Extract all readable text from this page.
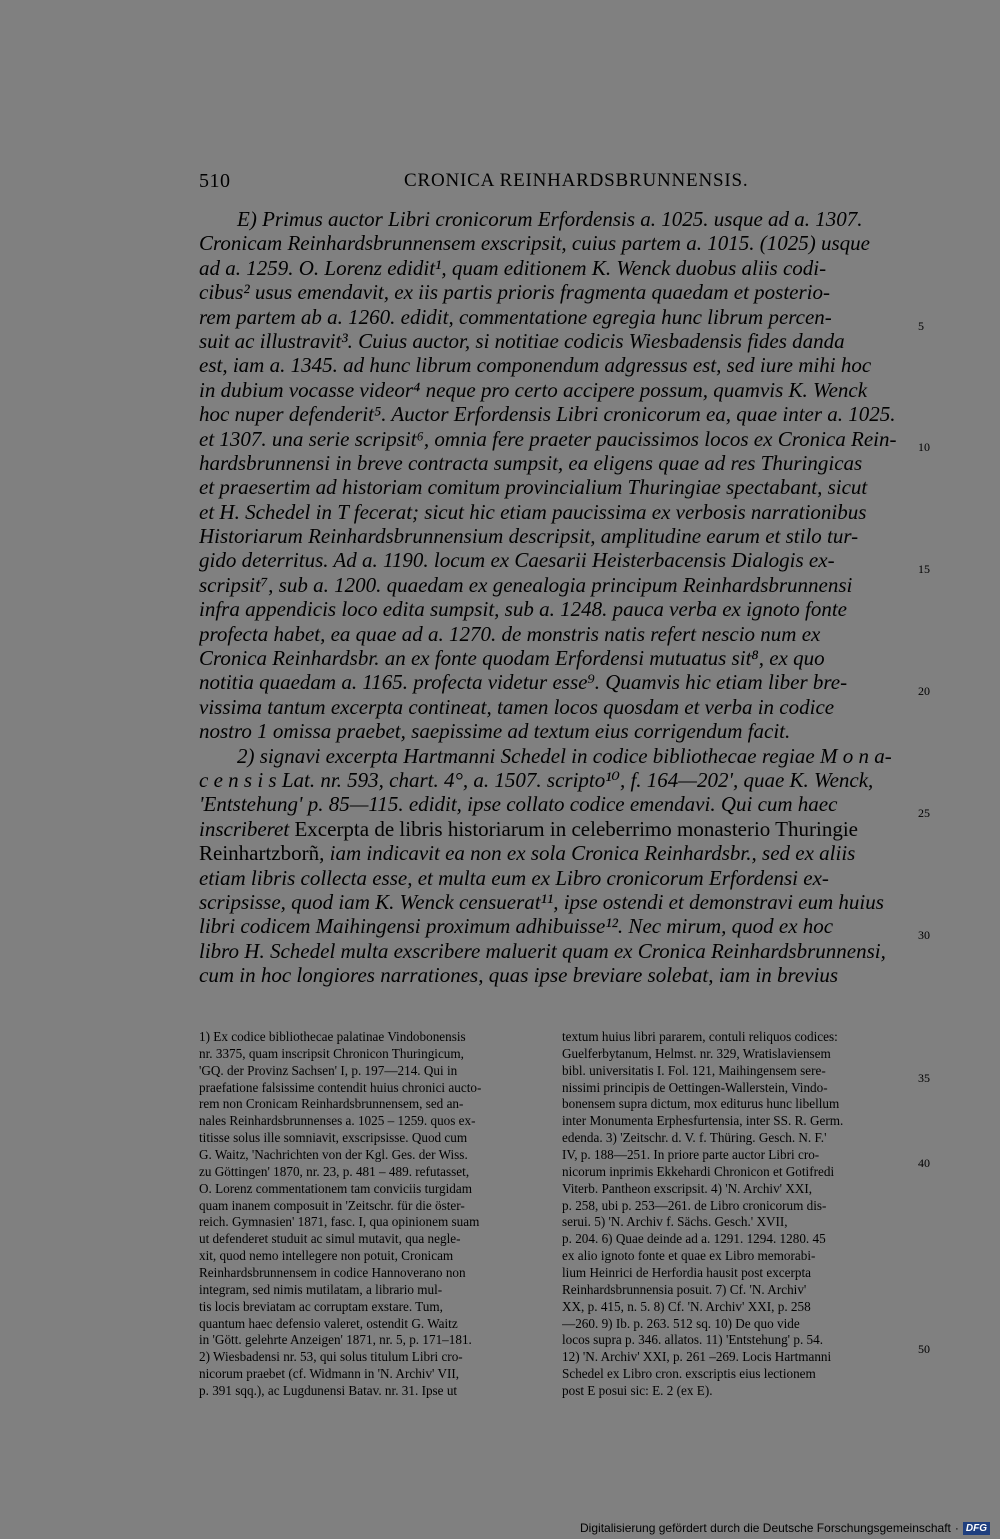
510	CRONICA REINHARDSBRUNNENSIS.
E) Primus auctor Libri cronicorum Erfordensis a. 1025. usque ad a. 1307.
Cronicam Reinhardsbrunnensem exscripsit, cuius partem a. 1015. (1025) usque
ad a. 1259. O. Lorenz edidit¹, quam editionem K. Wenck duobus aliis codi-
cibus² usus emendavit, ex iis partis prioris fragmenta quaedam et posterio-
rem partem ab a. 1260. edidit, commentatione egregia hunc librum percen-
suit ac illustravit³. Cuius auctor, si notitiae codicis Wiesbadensis fides danda
est, iam a. 1345. ad hunc librum componendum adgressus est, sed iure mihi hoc
in dubium vocasse videor⁴ neque pro certo accipere possum, quamvis K. Wenck
hoc nuper defenderit⁵. Auctor Erfordensis Libri cronicorum ea, quae inter a. 1025.
et 1307. una serie scripsit⁶, omnia fere praeter paucissimos locos ex Cronica Rein-
hardsbrunnensi in breve contracta sumpsit, ea eligens quae ad res Thuringicas
et praesertim ad historiam comitum provincialium Thuringiae spectabant, sicut
et H. Schedel in T fecerat; sicut hic etiam paucissima ex verbosis narrationibus
Historiarum Reinhardsbrunnensium descripsit, amplitudine earum et stilo tur-
gido deterritus. Ad a. 1190. locum ex Caesarii Heisterbacensis Dialogis ex-
scripsit⁷, sub a. 1200. quaedam ex genealogia principum Reinhardsbrunnensi
infra appendicis loco edita sumpsit, sub a. 1248. pauca verba ex ignoto fonte
profecta habet, ea quae ad a. 1270. de monstris natis refert nescio num ex
Cronica Reinhardsbr. an ex fonte quodam Erfordensi mutuatus sit⁸, ex quo
notitia quaedam a. 1165. profecta videtur esse⁹. Quamvis hic etiam liber bre-
vissima tantum excerpta contineat, tamen locos quosdam et verba in codice
nostro 1 omissa praebet, saepissime ad textum eius corrigendum facit.
2) signavi excerpta Hartmanni Schedel in codice bibliothecae regiae M o n a-
c e n s i s Lat. nr. 593, chart. 4°, a. 1507. scripto¹⁰, f. 164—202', quae K. Wenck,
'Entstehung' p. 85—115. edidit, ipse collato codice emendavi. Qui cum haec
inscriberet Excerpta de libris historiarum in celeberrimo monasterio Thuringie
Reinhartzborñ, iam indicavit ea non ex sola Cronica Reinhardsbr., sed ex aliis
etiam libris collecta esse, et multa eum ex Libro cronicorum Erfordensi ex-
scripsisse, quod iam K. Wenck censuerat¹¹, ipse ostendi et demonstravi eum huius
libri codicem Maihingensi proximum adhibuisse¹². Nec mirum, quod ex hoc
libro H. Schedel multa exscribere maluerit quam ex Cronica Reinhardsbrunnensi,
cum in hoc longiores narrationes, quas ipse breviare solebat, iam in brevius
5
10
15
20
25
30
1) Ex codice bibliothecae palatinae Vindobonensis
nr. 3375, quam inscripsit Chronicon Thuringicum,
'GQ. der Provinz Sachsen' I, p. 197—214. Qui in
praefatione falsissime contendit huius chronici aucto-
rem non Cronicam Reinhardsbrunnensem, sed an-
nales Reinhardsbrunnenses a. 1025 – 1259. quos ex-
titisse solus ille somniavit, exscripsisse. Quod cum
G. Waitz, 'Nachrichten von der Kgl. Ges. der Wiss.
zu Göttingen' 1870, nr. 23, p. 481 – 489. refutasset,
O. Lorenz commentationem tam conviciis turgidam
quam inanem composuit in 'Zeitschr. für die öster-
reich. Gymnasien' 1871, fasc. I, qua opinionem suam
ut defenderet studuit ac simul mutavit, qua negle-
xit, quod nemo intellegere non potuit, Cronicam
Reinhardsbrunnensem in codice Hannoverano non
integram, sed nimis mutilatam, a librario mul-
tis locis breviatam ac corruptam exstare. Tum,
quantum haec defensio valeret, ostendit G. Waitz
in 'Gött. gelehrte Anzeigen' 1871, nr. 5, p. 171–181.
2) Wiesbadensi nr. 53, qui solus titulum Libri cro-
nicorum praebet (cf. Widmann in 'N. Archiv' VII,
p. 391 sqq.), ac Lugdunensi Batav. nr. 31. Ipse ut
textum huius libri pararem, contuli reliquos codices:
Guelferbytanum, Helmst. nr. 329, Wratislaviensem
bibl. universitatis I. Fol. 121, Maihingensem sere-
nissimi principis de Oettingen-Wallerstein, Vindo-
bonensem supra dictum, mox editurus hunc libellum
inter Monumenta Erphesfurtensia, inter SS. R. Germ.
edenda. 3) 'Zeitschr. d. V. f. Thüring. Gesch. N. F.'
IV, p. 188—251. In priore parte auctor Libri cro-
nicorum inprimis Ekkehardi Chronicon et Gotifredi
Viterb. Pantheon exscripsit. 4) 'N. Archiv' XXI,
p. 258, ubi p. 253—261. de Libro cronicorum dis-
serui. 5) 'N. Archiv f. Sächs. Gesch.' XVII,
p. 204. 6) Quae deinde ad a. 1291. 1294. 1280. 45
ex alio ignoto fonte et quae ex Libro memorabi-
lium Heinrici de Herfordia hausit post excerpta
Reinhardsbrunnensia posuit. 7) Cf. 'N. Archiv'
XX, p. 415, n. 5. 8) Cf. 'N. Archiv' XXI, p. 258
—260. 9) Ib. p. 263. 512 sq. 10) De quo vide
locos supra p. 346. allatos. 11) 'Entstehung' p. 54.
12) 'N. Archiv' XXI, p. 261 –269. Locis Hartmanni
Schedel ex Libro cron. exscriptis eius lectionem
post E posui sic: E. 2 (ex E).
35
40
50
Digitalisierung gefördert durch die Deutsche Forschungsgemeinschaft · DFG
